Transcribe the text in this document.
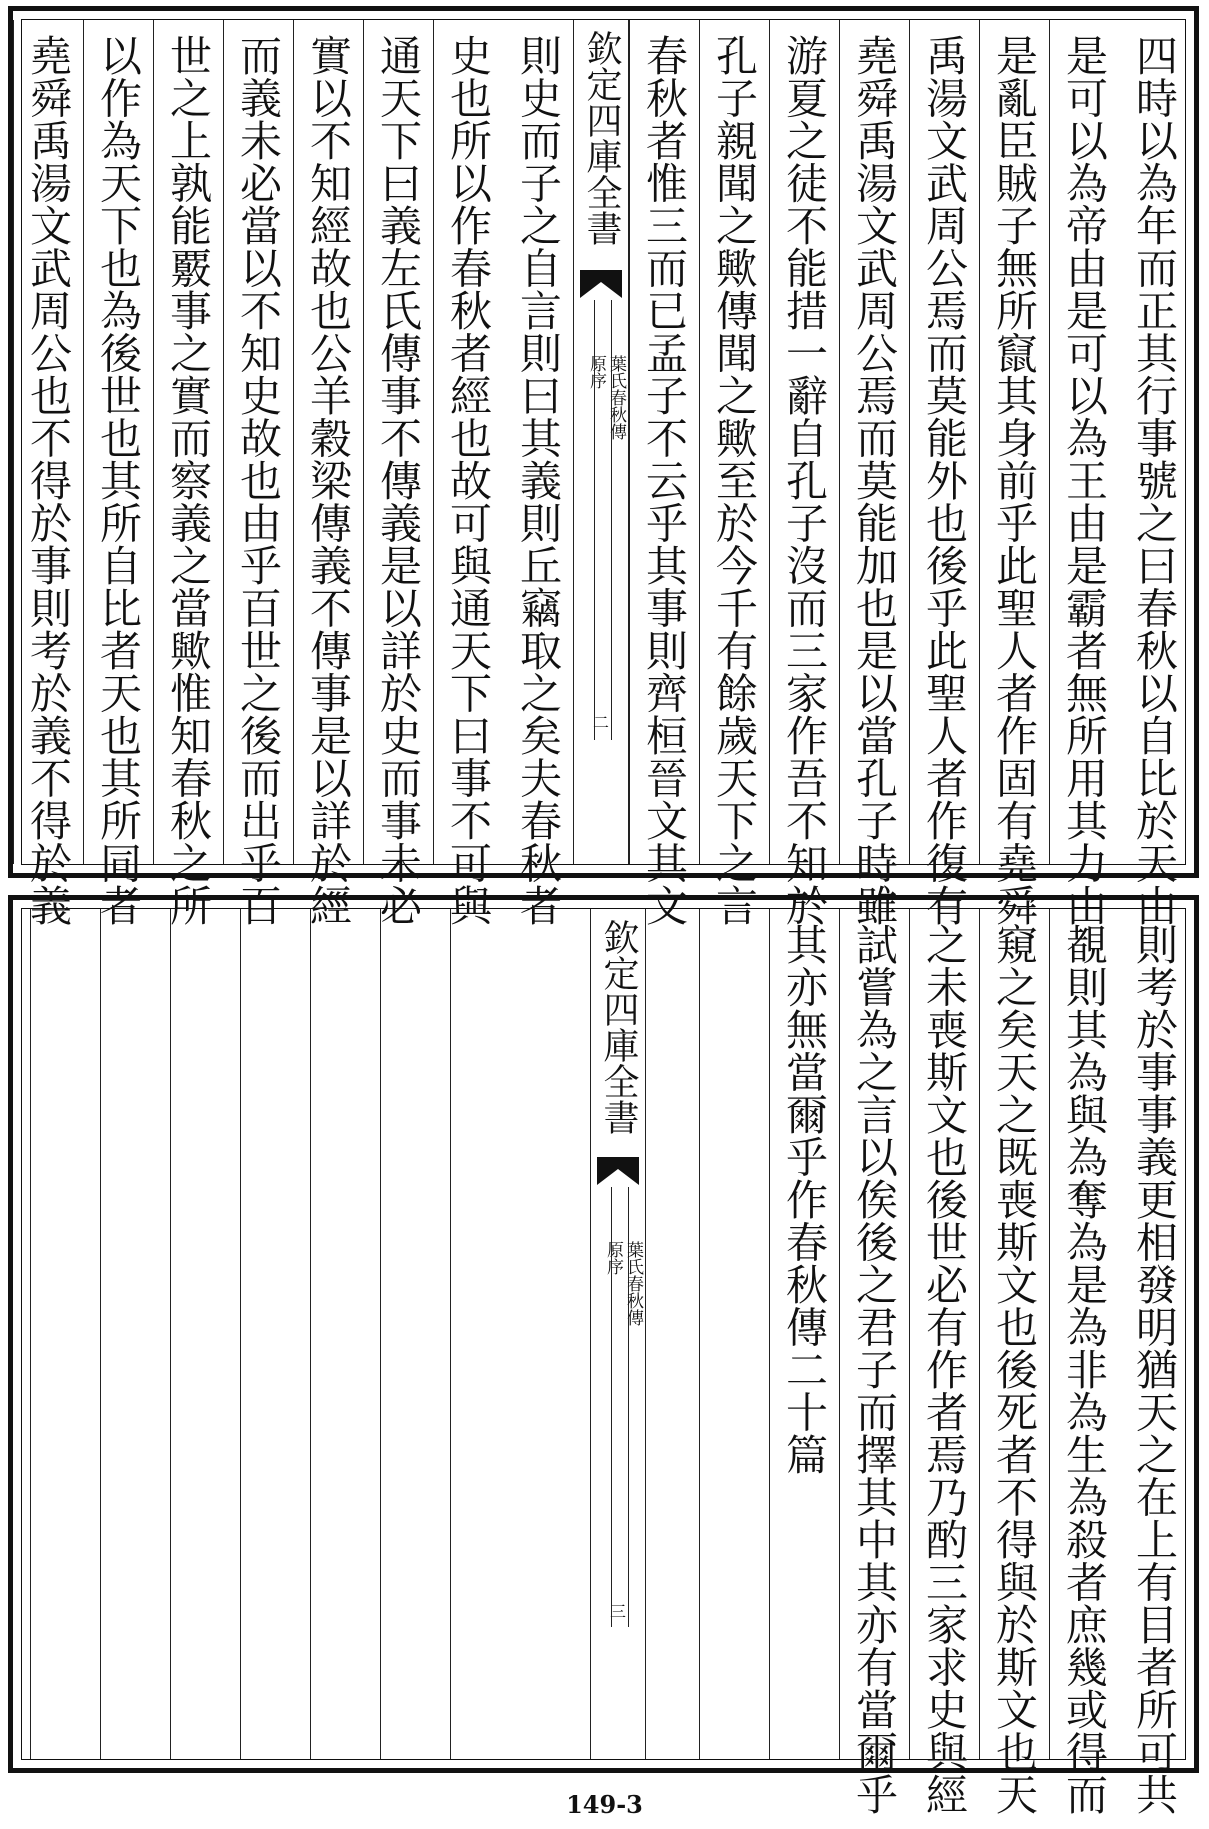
四時以為年而正其行事號之曰春秋以自比於天由
是可以為帝由是可以為王由是霸者無所用其力由
是亂臣賊子無所竄其身前乎此聖人者作固有堯舜
禹湯文武周公焉而莫能外也後乎此聖人者作復有
堯舜禹湯文武周公焉而莫能加也是以當孔子時雖
游夏之徒不能措一辭自孔子沒而三家作吾不知於
孔子親聞之歟傳聞之歟至於今千有餘歲天下之言
春秋者惟三而已孟子不云乎其事則齊桓晉文其文
欽定四庫全書
葉氏春秋傳
原序
二
則史而子之自言則曰其義則丘竊取之矣夫春秋者
史也所以作春秋者經也故可與通天下曰事不可與
通天下曰義左氏傳事不傳義是以詳於史而事未必
實以不知經故也公羊穀梁傳義不傳事是以詳於經
而義未必當以不知史故也由乎百世之後而出乎百
世之上孰能覈事之實而察義之當歟惟知春秋之所
以作為天下也為後世也其所自比者天也其所同者
堯舜禹湯文武周公也不得於事則考於義不得於義
則考於事事義更相發明猶天之在上有目者所可共
覩則其為與為奪為是為非為生為殺者庶幾或得而
窺之矣天之既喪斯文也後死者不得與於斯文也天
之未喪斯文也後世必有作者焉乃酌三家求史與經
試嘗為之言以俟後之君子而擇其中其亦有當爾乎
其亦無當爾乎作春秋傳二十篇
欽定四庫全書
葉氏春秋傳
原序
三
149-3
